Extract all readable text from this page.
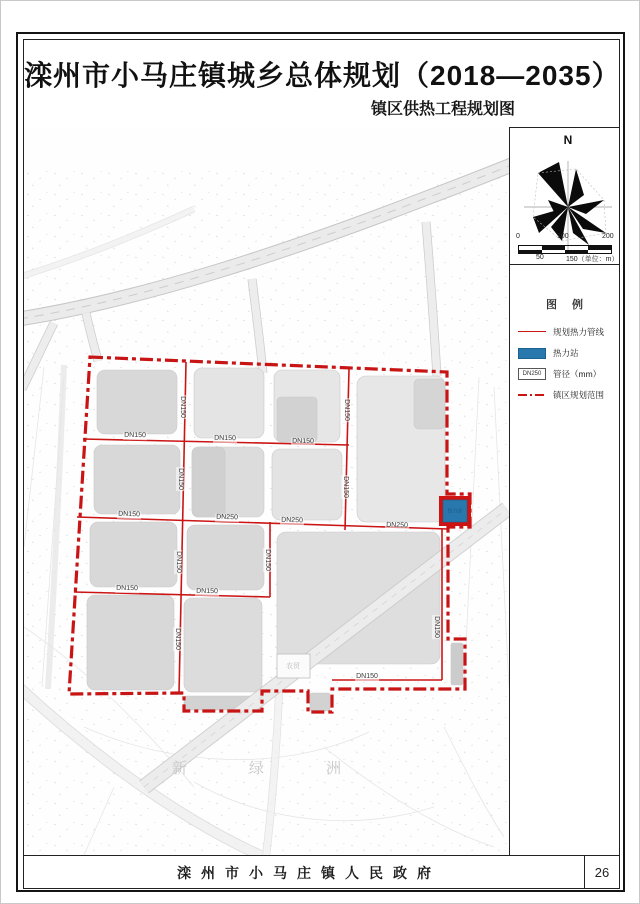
滦州市小马庄镇城乡总体规划（2018—2035）
镇区供热工程规划图
DN150	DN150	DN150
DN150	DN250	DN250
DN250
DN150	DN150
DN150
DN150
DN150
DN150
DN150
DN150
DN150
DN150
DN150
新绿洲
热力站
农贸
N
0	100	200
50	150（单位：m）
图 例
规划热力管线
热力站
DN250	管径（mm）
镇区规划范围
滦州市小马庄镇人民政府	26
